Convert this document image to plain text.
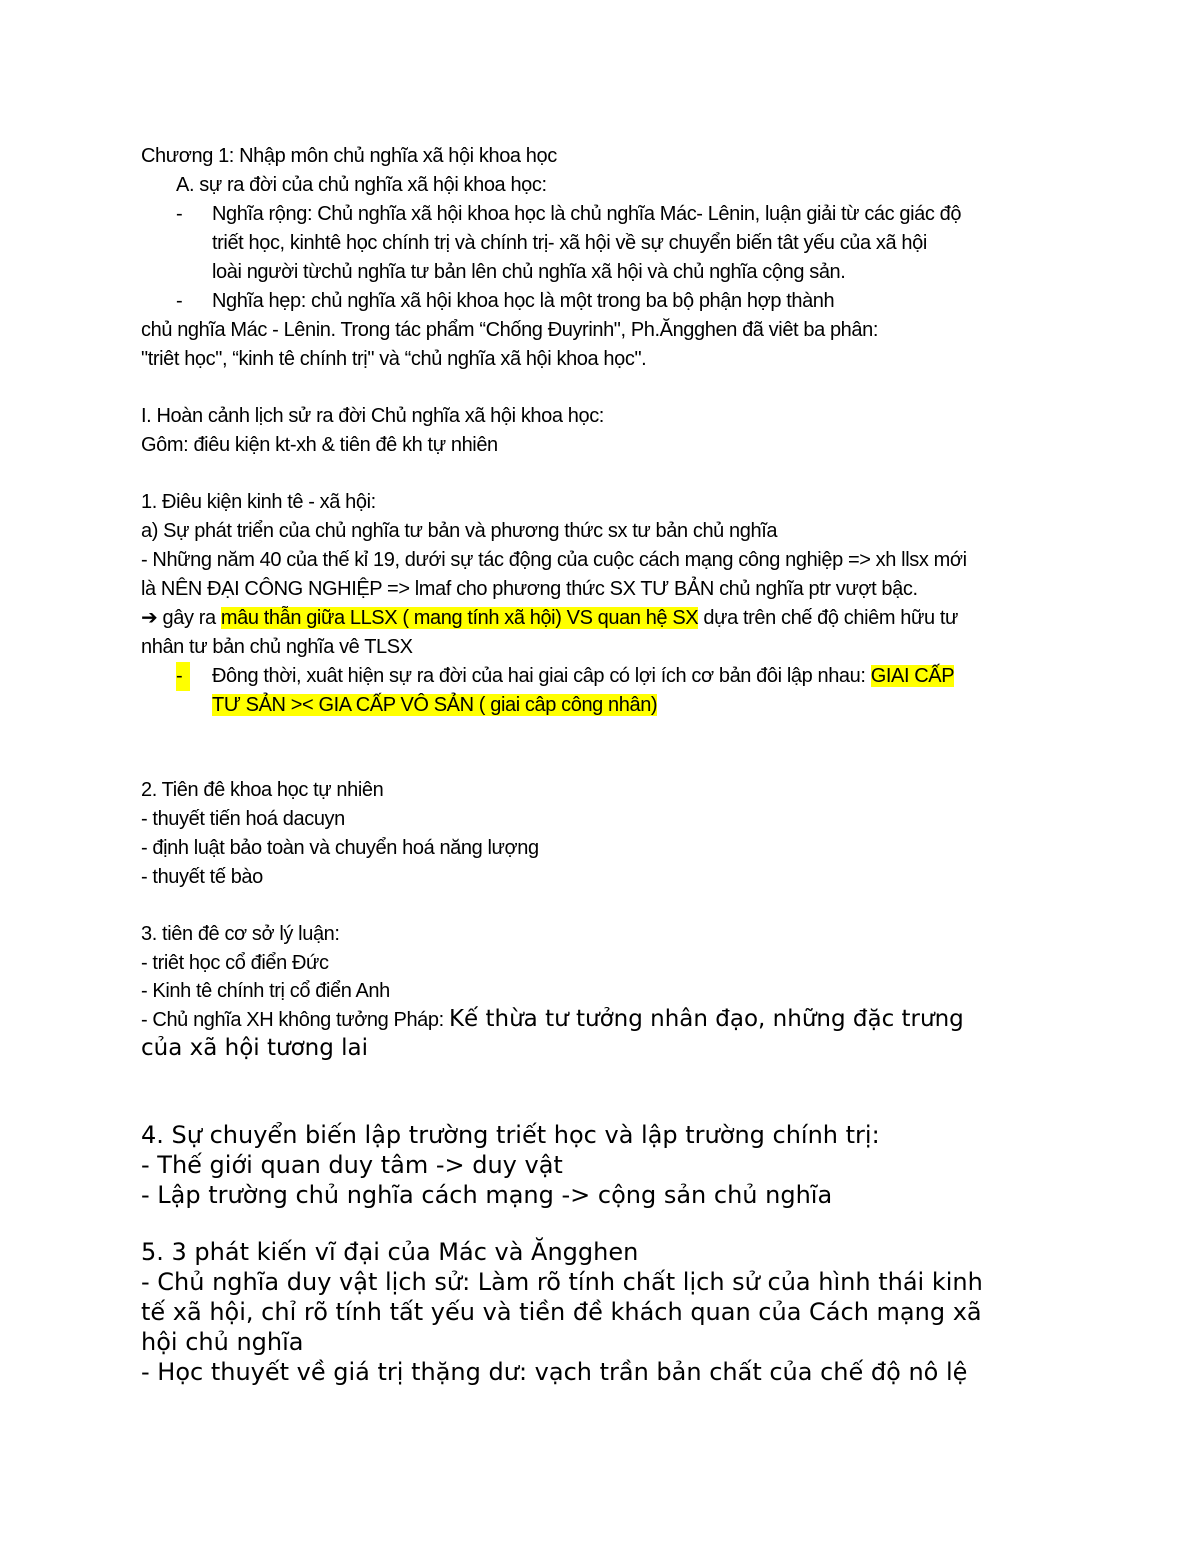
Chương 1: Nhập môn chủ nghĩa xã hội khoa học
A. sự ra đời của chủ nghĩa xã hội khoa học:
- Nghĩa rộng: Chủ nghĩa xã hội khoa học là chủ nghĩa Mác- Lênin, luận giải từ các giác độ
triết học, kinhtê học chính trị và chính trị- xã hội về sự chuyển biến tât yếu của xã hội
loài người từchủ nghĩa tư bản lên chủ nghĩa xã hội và chủ nghĩa cộng sản.
- Nghĩa hẹp: chủ nghĩa xã hội khoa học là một trong ba bộ phận hợp thành
chủ nghĩa Mác - Lênin. Trong tác phẩm “Chống Đuyrinh", Ph.Ăngghen đã viêt ba phân:
"triêt học", “kinh tê chính trị" và “chủ nghĩa xã hội khoa học".
I. Hoàn cảnh lịch sử ra đời Chủ nghĩa xã hội khoa học:
Gôm: điêu kiện kt-xh & tiên đê kh tự nhiên
1. Điêu kiện kinh tê - xã hội:
a) Sự phát triển của chủ nghĩa tư bản và phương thức sx tư bản chủ nghĩa
- Những năm 40 của thế kỉ 19, dưới sự tác động của cuộc cách mạng công nghiệp => xh llsx mới
là NÊN ĐẠI CÔNG NGHIỆP => lmaf cho phương thức SX TƯ BẢN chủ nghĩa ptr vượt bậc.
➔ gây ra mâu thẫn giữa LLSX ( mang tính xã hội) VS quan hệ SX dựa trên chế độ chiêm hữu tư
nhân tư bản chủ nghĩa vê TLSX
-	Đông thời, xuât hiện sự ra đời của hai giai câp có lợi ích cơ bản đôi lập nhau: GIAI CẤP
TƯ SẢN >< GIA CẤP VÔ SẢN ( giai câp công nhân)
2. Tiên đê khoa học tự nhiên
- thuyết tiến hoá dacuyn
- định luật bảo toàn và chuyển hoá năng lượng
- thuyết tế bào
3. tiên đê cơ sở lý luận:
- triêt học cổ điển Đức
- Kinh tê chính trị cổ điển Anh
- Chủ nghĩa XH không tưởng Pháp: Kế thừa tư tưởng nhân đạo, những đặc trưng
của xã hội tương lai
4. Sự chuyển biến lập trường triết học và lập trường chính trị:
- Thế giới quan duy tâm -> duy vật
- Lập trường chủ nghĩa cách mạng -> cộng sản chủ nghĩa
5. 3 phát kiến vĩ đại của Mác và Ăngghen
- Chủ nghĩa duy vật lịch sử: Làm rõ tính chất lịch sử của hình thái kinh
tế xã hội, chỉ rõ tính tất yếu và tiền đề khách quan của Cách mạng xã
hội chủ nghĩa
- Học thuyết về giá trị thặng dư: vạch trần bản chất của chế độ nô lệ
